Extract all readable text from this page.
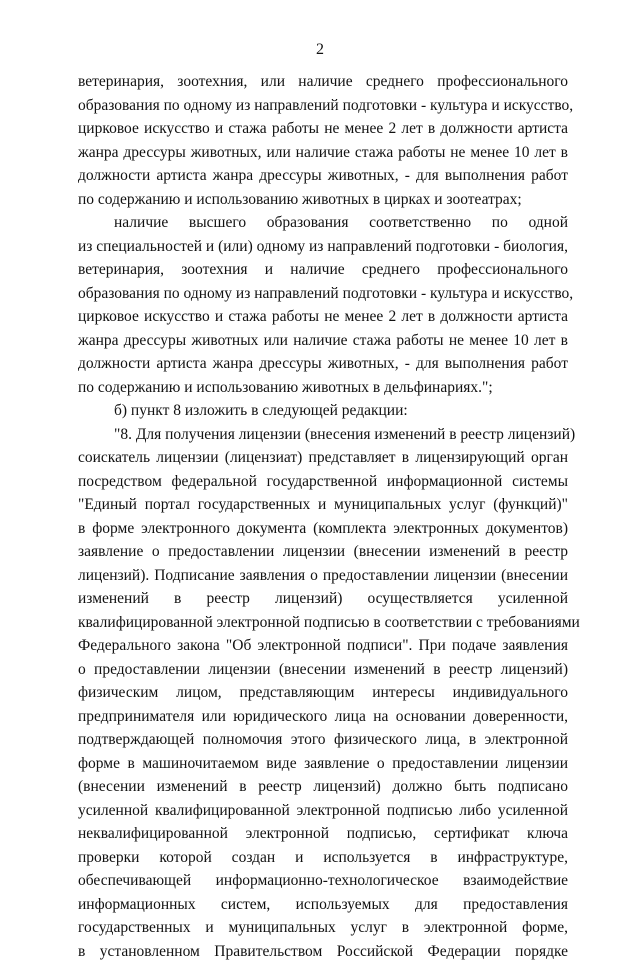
2
ветеринария, зоотехния, или наличие среднего профессионального
образования по одному из направлений подготовки - культура и искусство,
цирковое искусство и стажа работы не менее 2 лет в должности артиста
жанра дрессуры животных, или наличие стажа работы не менее 10 лет в
должности артиста жанра дрессуры животных, - для выполнения работ
по содержанию и использованию животных в цирках и зоотеатрах;
наличие высшего образования соответственно по одной
из специальностей и (или) одному из направлений подготовки - биология,
ветеринария, зоотехния и наличие среднего профессионального
образования по одному из направлений подготовки - культура и искусство,
цирковое искусство и стажа работы не менее 2 лет в должности артиста
жанра дрессуры животных или наличие стажа работы не менее 10 лет в
должности артиста жанра дрессуры животных, - для выполнения работ
по содержанию и использованию животных в дельфинариях.";
б) пункт 8 изложить в следующей редакции:
"8. Для получения лицензии (внесения изменений в реестр лицензий)
соискатель лицензии (лицензиат) представляет в лицензирующий орган
посредством федеральной государственной информационной системы
"Единый портал государственных и муниципальных услуг (функций)"
в форме электронного документа (комплекта электронных документов)
заявление о предоставлении лицензии (внесении изменений в реестр
лицензий). Подписание заявления о предоставлении лицензии (внесении
изменений в реестр лицензий) осуществляется усиленной
квалифицированной электронной подписью в соответствии с требованиями
Федерального закона "Об электронной подписи". При подаче заявления
о предоставлении лицензии (внесении изменений в реестр лицензий)
физическим лицом, представляющим интересы индивидуального
предпринимателя или юридического лица на основании доверенности,
подтверждающей полномочия этого физического лица, в электронной
форме в машиночитаемом виде заявление о предоставлении лицензии
(внесении изменений в реестр лицензий) должно быть подписано
усиленной квалифицированной электронной подписью либо усиленной
неквалифицированной электронной подписью, сертификат ключа
проверки которой создан и используется в инфраструктуре,
обеспечивающей информационно-технологическое взаимодействие
информационных систем, используемых для предоставления
государственных и муниципальных услуг в электронной форме,
в установленном Правительством Российской Федерации порядке
